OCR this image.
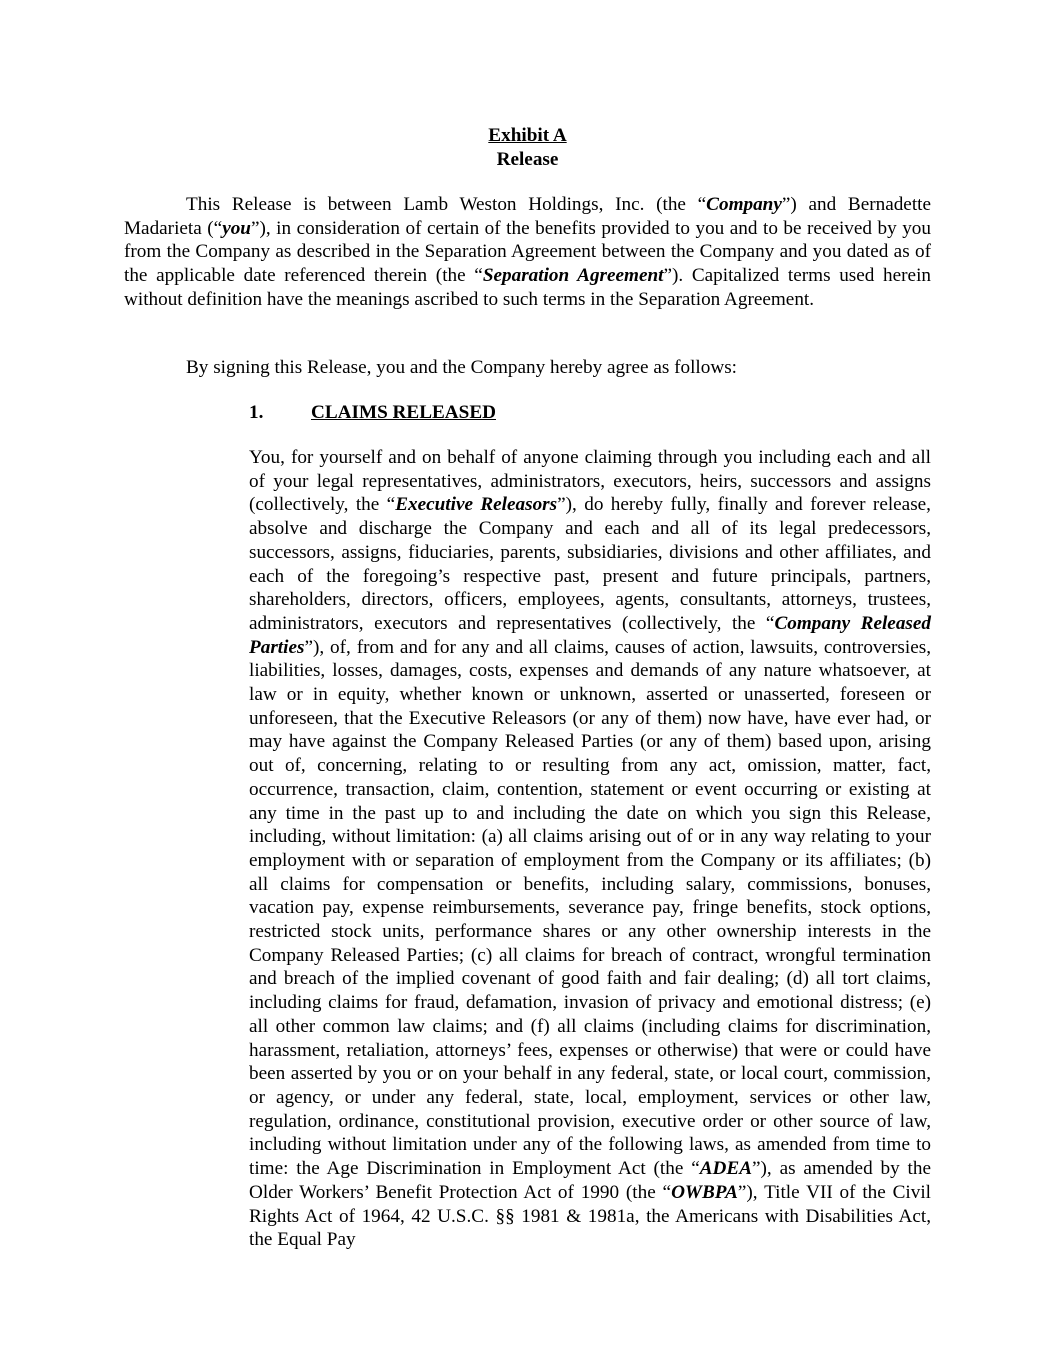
Exhibit A
Release

This Release is between Lamb Weston Holdings, Inc. (the “Company”) and Bernadette Madarieta (“you”), in consideration of certain of the benefits provided to you and to be received by you from the Company as described in the Separation Agreement between the Company and you dated as of the applicable date referenced therein (the “Separation Agreement”). Capitalized terms used herein without definition have the meanings ascribed to such terms in the Separation Agreement.

By signing this Release, you and the Company hereby agree as follows:

1. CLAIMS RELEASED

You, for yourself and on behalf of anyone claiming through you including each and all of your legal representatives, administrators, executors, heirs, successors and assigns (collectively, the “Executive Releasors”), do hereby fully, finally and forever release, absolve and discharge the Company and each and all of its legal predecessors, successors, assigns, fiduciaries, parents, subsidiaries, divisions and other affiliates, and each of the foregoing’s respective past, present and future principals, partners, shareholders, directors, officers, employees, agents, consultants, attorneys, trustees, administrators, executors and representatives (collectively, the “Company Released Parties”), of, from and for any and all claims, causes of action, lawsuits, controversies, liabilities, losses, damages, costs, expenses and demands of any nature whatsoever, at law or in equity, whether known or unknown, asserted or unasserted, foreseen or unforeseen, that the Executive Releasors (or any of them) now have, have ever had, or may have against the Company Released Parties (or any of them) based upon, arising out of, concerning, relating to or resulting from any act, omission, matter, fact, occurrence, transaction, claim, contention, statement or event occurring or existing at any time in the past up to and including the date on which you sign this Release, including, without limitation: (a) all claims arising out of or in any way relating to your employment with or separation of employment from the Company or its affiliates; (b) all claims for compensation or benefits, including salary, commissions, bonuses, vacation pay, expense reimbursements, severance pay, fringe benefits, stock options, restricted stock units, performance shares or any other ownership interests in the Company Released Parties; (c) all claims for breach of contract, wrongful termination and breach of the implied covenant of good faith and fair dealing; (d) all tort claims, including claims for fraud, defamation, invasion of privacy and emotional distress; (e) all other common law claims; and (f) all claims (including claims for discrimination, harassment, retaliation, attorneys’ fees, expenses or otherwise) that were or could have been asserted by you or on your behalf in any federal, state, or local court, commission, or agency, or under any federal, state, local, employment, services or other law, regulation, ordinance, constitutional provision, executive order or other source of law, including without limitation under any of the following laws, as amended from time to time: the Age Discrimination in Employment Act (the “ADEA”), as amended by the Older Workers’ Benefit Protection Act of 1990 (the “OWBPA”), Title VII of the Civil Rights Act of 1964, 42 U.S.C. §§ 1981 & 1981a, the Americans with Disabilities Act, the Equal Pay
